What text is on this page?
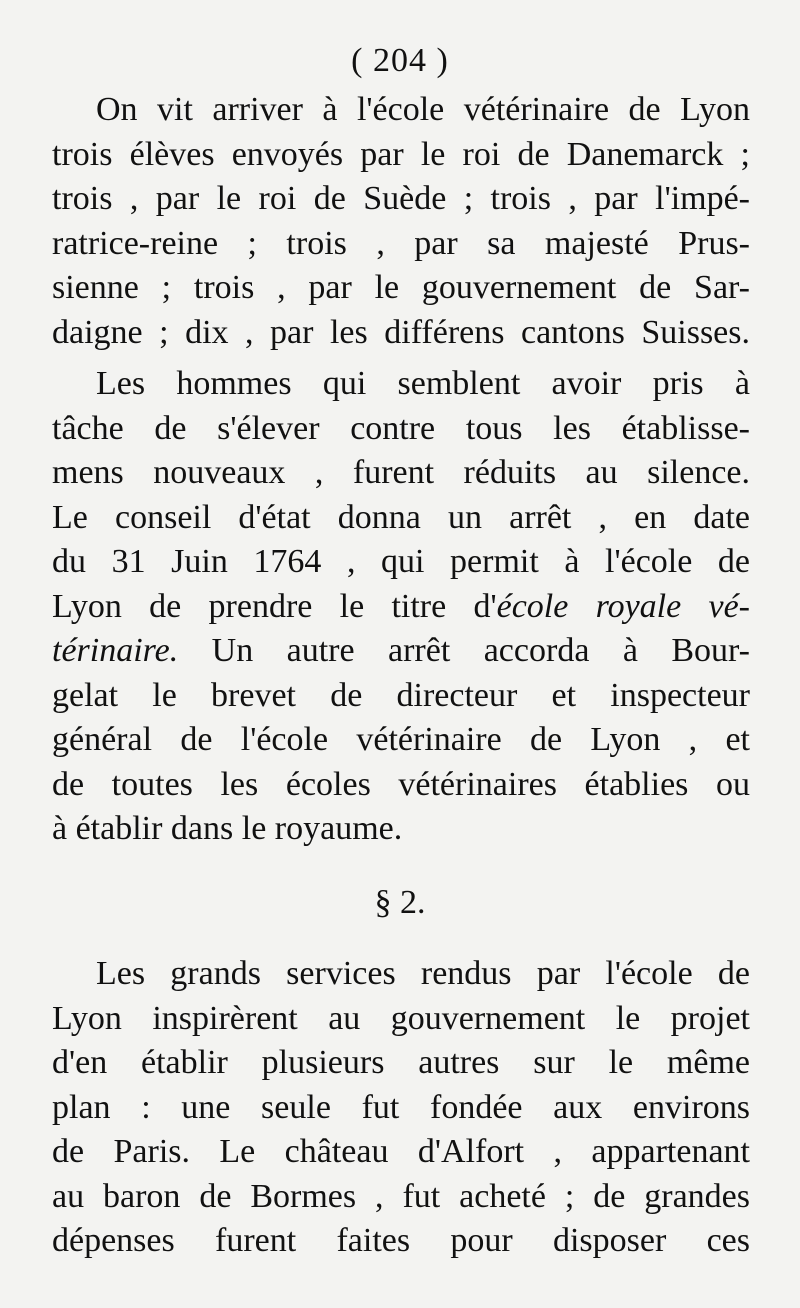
( 204 )
On vit arriver à l'école vétérinaire de Lyon
trois élèves envoyés par le roi de Danemarck ;
trois , par le roi de Suède ; trois , par l'impé-
ratrice-reine ; trois , par sa majesté Prus-
sienne ; trois , par le gouvernement de Sar-
daigne ; dix , par les différens cantons Suisses.
Les hommes qui semblent avoir pris à
tâche de s'élever contre tous les établisse-
mens nouveaux , furent réduits au silence.
Le conseil d'état donna un arrêt , en date
du 31 Juin 1764 , qui permit à l'école de
Lyon de prendre le titre d'école royale vé-
térinaire. Un autre arrêt accorda à Bour-
gelat le brevet de directeur et inspecteur
général de l'école vétérinaire de Lyon , et
de toutes les écoles vétérinaires établies ou
à établir dans le royaume.
§ 2.
Les grands services rendus par l'école de
Lyon inspirèrent au gouvernement le projet
d'en établir plusieurs autres sur le même
plan : une seule fut fondée aux environs
de Paris. Le château d'Alfort , appartenant
au baron de Bormes , fut acheté ; de grandes
dépenses furent faites pour disposer ces
